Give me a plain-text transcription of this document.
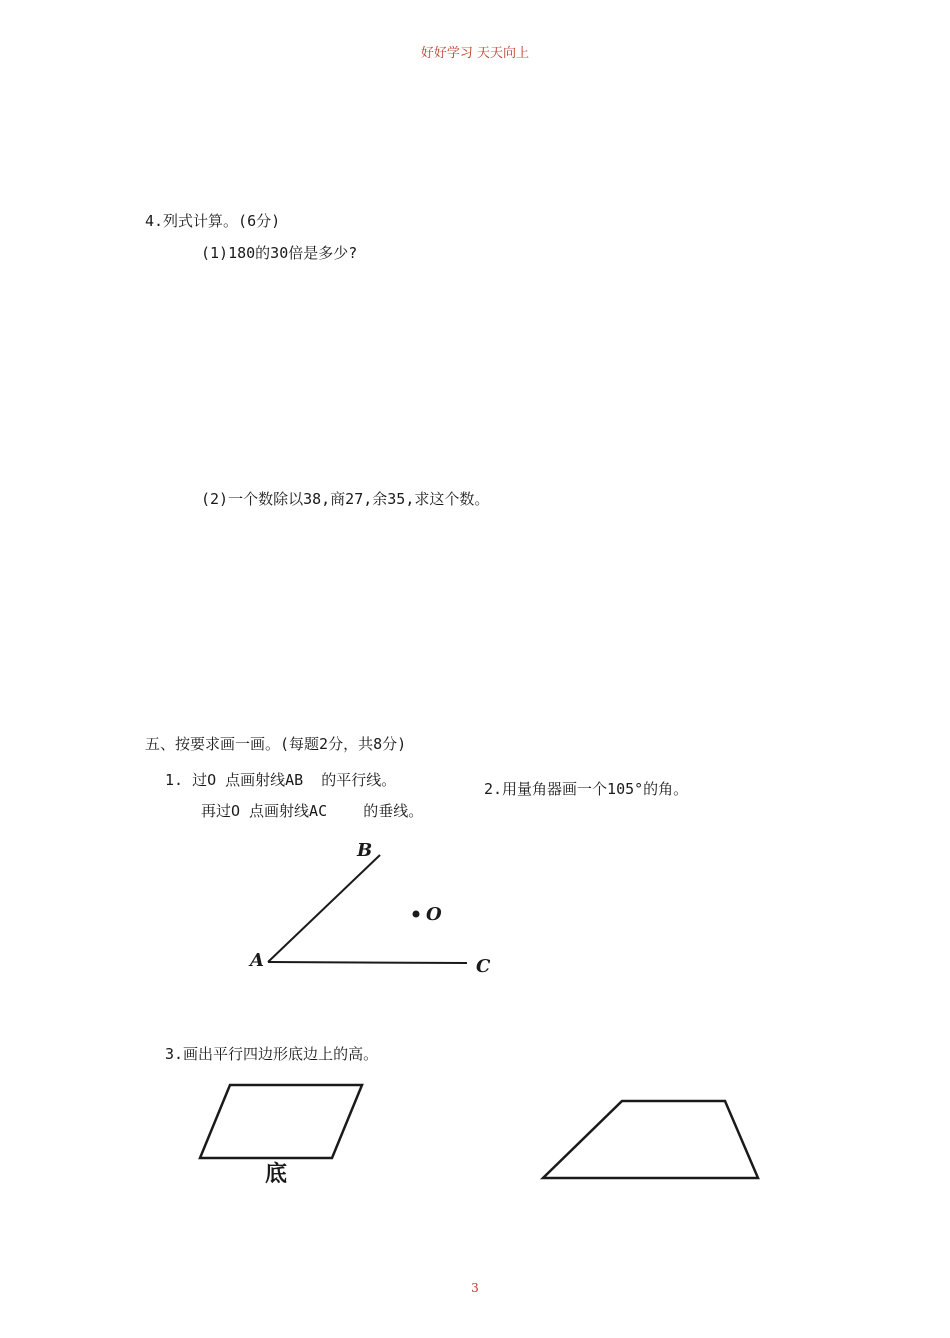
好好学习 天天向上
4.列式计算。(6分)
(1)180的30倍是多少?
(2)一个数除以38,商27,余35,求这个数。
五、按要求画一画。(每题2分，共8分)
1. 过O 点画射线AB  的平行线。
再过O 点画射线AC    的垂线。
2.用量角器画一个105°的角。
B
A	C
O
3.画出平行四边形底边上的高。
底
3
